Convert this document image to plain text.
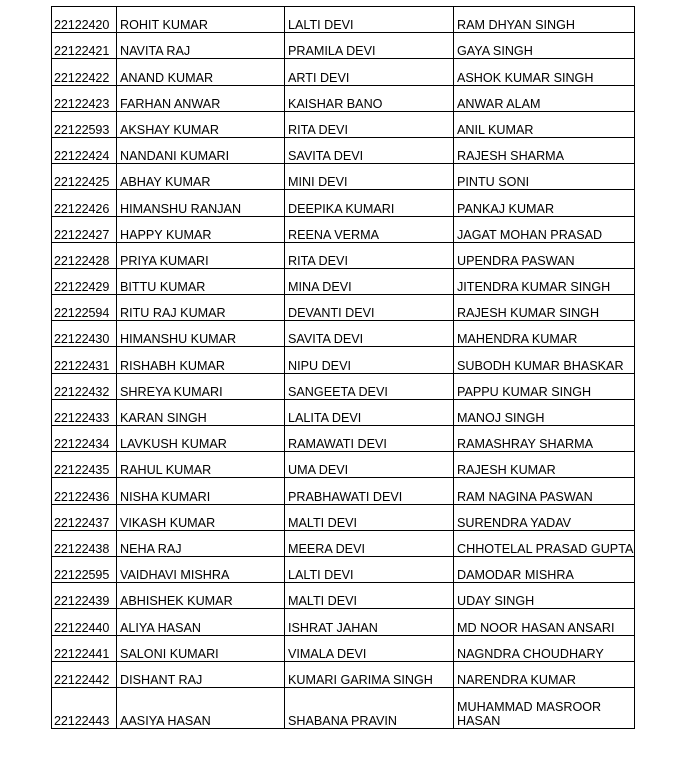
22122420	ROHIT KUMAR	LALTI DEVI	RAM DHYAN SINGH
22122421	NAVITA RAJ	PRAMILA DEVI	GAYA SINGH
22122422	ANAND KUMAR	ARTI DEVI	ASHOK KUMAR SINGH
22122423	FARHAN ANWAR	KAISHAR BANO	ANWAR ALAM
22122593	AKSHAY KUMAR	RITA DEVI	ANIL KUMAR
22122424	NANDANI KUMARI	SAVITA DEVI	RAJESH SHARMA
22122425	ABHAY KUMAR	MINI DEVI	PINTU SONI
22122426	HIMANSHU RANJAN	DEEPIKA KUMARI	PANKAJ KUMAR
22122427	HAPPY KUMAR	REENA VERMA	JAGAT MOHAN PRASAD
22122428	PRIYA KUMARI	RITA DEVI	UPENDRA PASWAN
22122429	BITTU KUMAR	MINA DEVI	JITENDRA KUMAR SINGH
22122594	RITU RAJ KUMAR	DEVANTI DEVI	RAJESH KUMAR SINGH
22122430	HIMANSHU KUMAR	SAVITA DEVI	MAHENDRA KUMAR
22122431	RISHABH KUMAR	NIPU DEVI	SUBODH KUMAR BHASKAR
22122432	SHREYA KUMARI	SANGEETA DEVI	PAPPU KUMAR SINGH
22122433	KARAN SINGH	LALITA DEVI	MANOJ SINGH
22122434	LAVKUSH KUMAR	RAMAWATI DEVI	RAMASHRAY SHARMA
22122435	RAHUL KUMAR	UMA DEVI	RAJESH KUMAR
22122436	NISHA KUMARI	PRABHAWATI DEVI	RAM NAGINA PASWAN
22122437	VIKASH KUMAR	MALTI DEVI	SURENDRA YADAV
22122438	NEHA RAJ	MEERA DEVI	CHHOTELAL PRASAD GUPTA
22122595	VAIDHAVI MISHRA	LALTI DEVI	DAMODAR MISHRA
22122439	ABHISHEK KUMAR	MALTI DEVI	UDAY SINGH
22122440	ALIYA HASAN	ISHRAT JAHAN	MD NOOR HASAN ANSARI
22122441	SALONI KUMARI	VIMALA DEVI	NAGNDRA CHOUDHARY
22122442	DISHANT RAJ	KUMARI GARIMA SINGH	NARENDRA KUMAR
22122443	AASIYA HASAN	SHABANA PRAVIN	MUHAMMAD MASROOR HASAN
